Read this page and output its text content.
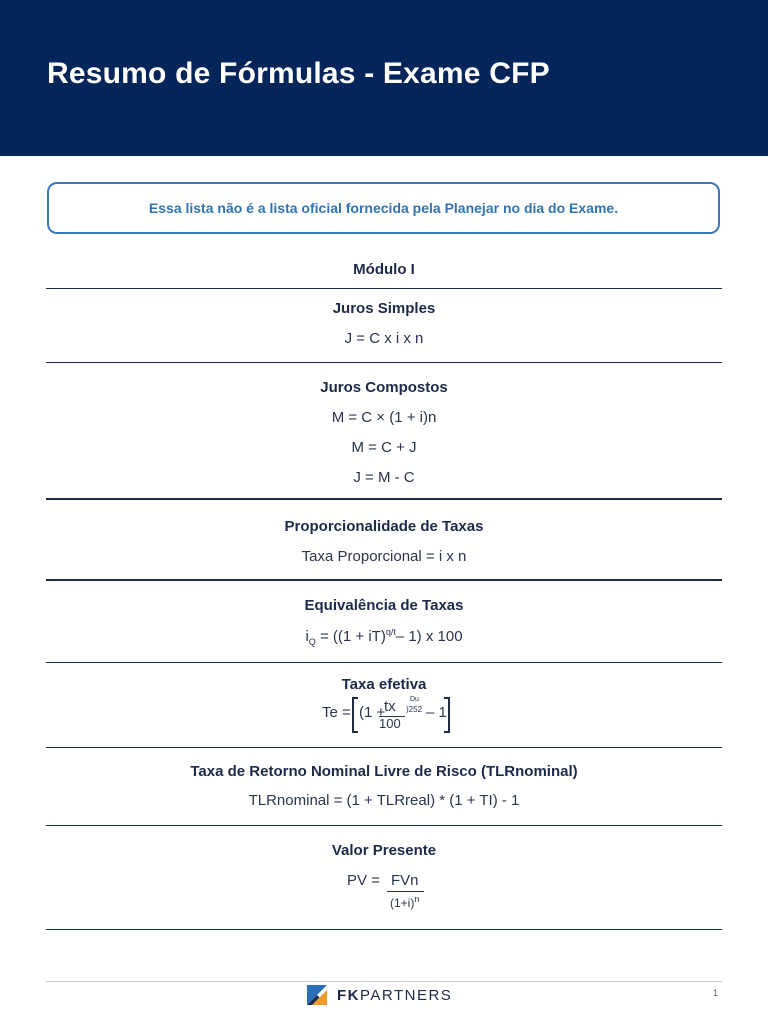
Resumo de Fórmulas - Exame CFP
Essa lista não é a lista oficial fornecida pela Planejar no dia do Exame.
Módulo I
Juros Simples
J = C x i x n
Juros Compostos
M = C × (1 + i)n
M = C + J
J = M - C
Proporcionalidade de Taxas
Taxa Proporcional = i x n
Equivalência de Taxas
$i_Q = ((1 + iT)^{q/t}-$ 1) x 100
Taxa efetiva
Te = (1 +
tx
100
Du
)252 – 1
Taxa de Retorno Nominal Livre de Risco (TLRnominal)
TLRnominal = (1 + TLRreal) * (1 + TI) - 1
Valor Presente
PV = FVn
$(1+i)^n$
FKPARTNERS	1
